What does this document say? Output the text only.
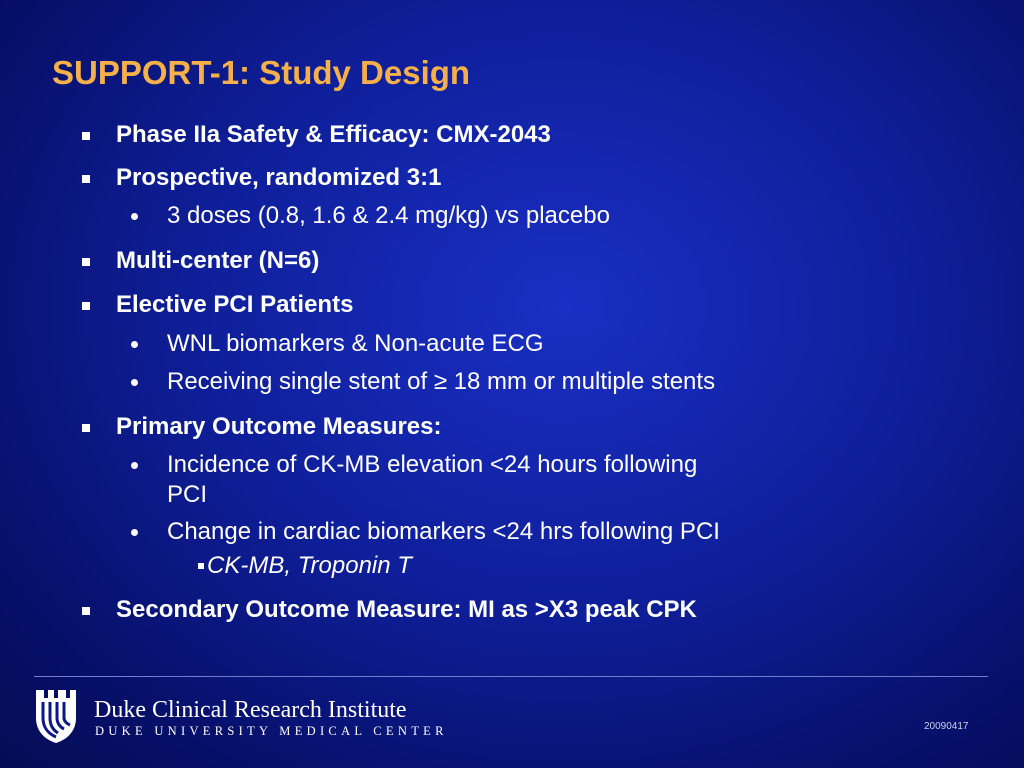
SUPPORT-1: Study Design
Phase IIa Safety & Efficacy: CMX-2043
Prospective, randomized 3:1
3 doses (0.8, 1.6 & 2.4 mg/kg) vs placebo
Multi-center (N=6)
Elective PCI Patients
WNL biomarkers & Non-acute ECG
Receiving single stent of ≥ 18 mm or multiple stents
Primary Outcome Measures:
Incidence of CK-MB elevation <24 hours following
PCI
Change in cardiac biomarkers <24 hrs following PCI
CK-MB, Troponin T
Secondary Outcome Measure: MI as >X3 peak CPK
Duke Clinical Research Institute
DUKE UNIVERSITY MEDICAL CENTER	20090417
